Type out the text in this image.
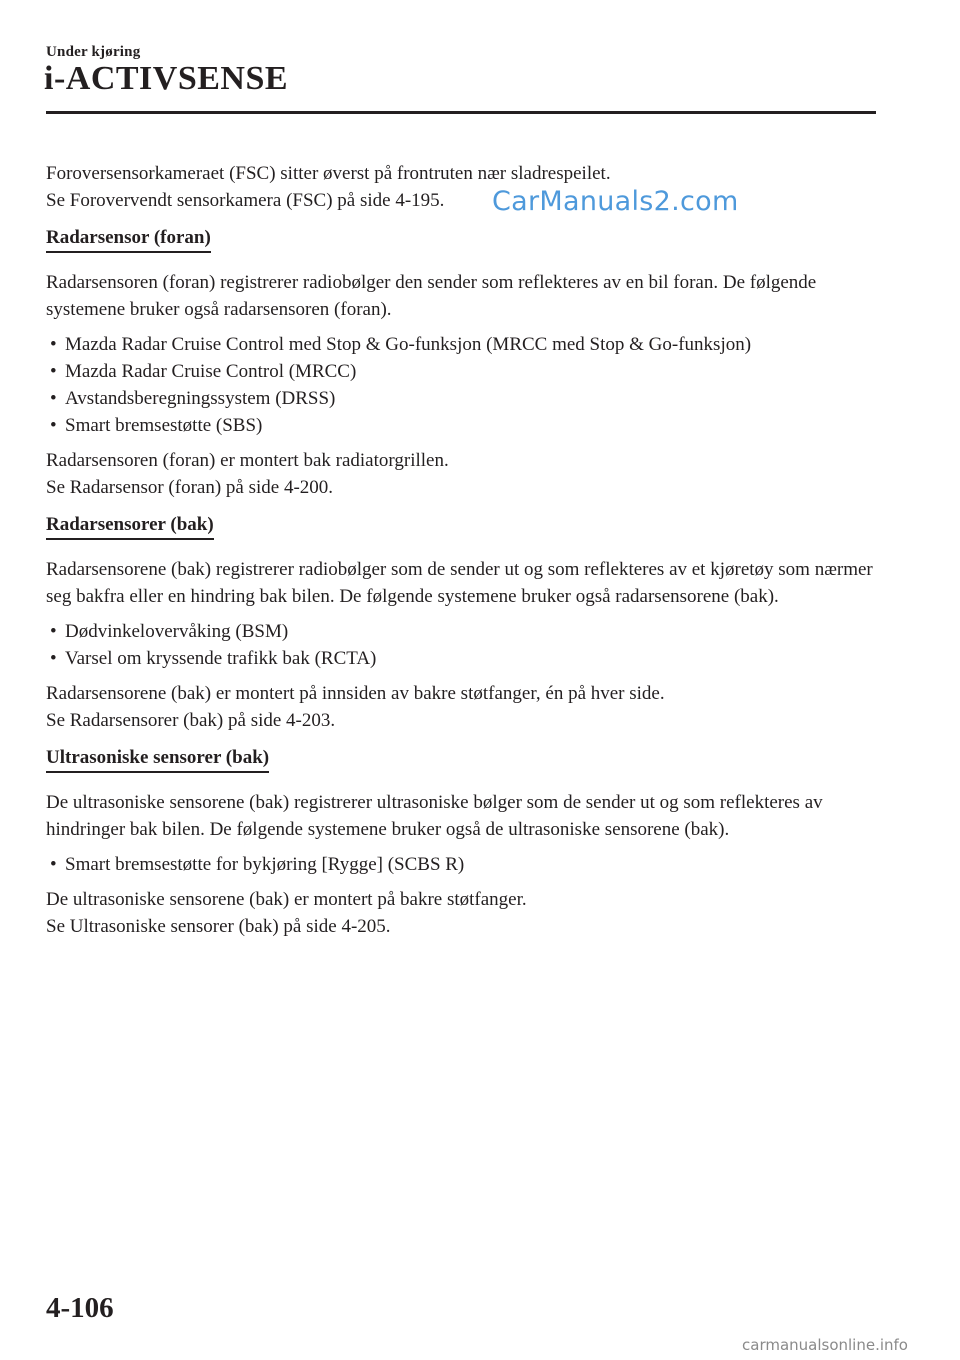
Under kjøring
i-ACTIVSENSE

Foroversensorkameraet (FSC) sitter øverst på frontruten nær sladrespeilet.
Se Forovervendt sensorkamera (FSC) på side 4-195.

Radarsensor (foran)

Radarsensoren (foran) registrerer radiobølger den sender som reflekteres av en bil foran. De følgende systemene bruker også radarsensoren (foran).

• Mazda Radar Cruise Control med Stop & Go-funksjon (MRCC med Stop & Go-funksjon)
• Mazda Radar Cruise Control (MRCC)
• Avstandsberegningssystem (DRSS)
• Smart bremsestøtte (SBS)

Radarsensoren (foran) er montert bak radiatorgrillen.
Se Radarsensor (foran) på side 4-200.

Radarsensorer (bak)

Radarsensorene (bak) registrerer radiobølger som de sender ut og som reflekteres av et kjøretøy som nærmer seg bakfra eller en hindring bak bilen. De følgende systemene bruker også radarsensorene (bak).

• Dødvinkelovervåking (BSM)
• Varsel om kryssende trafikk bak (RCTA)

Radarsensorene (bak) er montert på innsiden av bakre støtfanger, én på hver side.
Se Radarsensorer (bak) på side 4-203.

Ultrasoniske sensorer (bak)

De ultrasoniske sensorene (bak) registrerer ultrasoniske bølger som de sender ut og som reflekteres av hindringer bak bilen. De følgende systemene bruker også de ultrasoniske sensorene (bak).

• Smart bremsestøtte for bykjøring [Rygge] (SCBS R)

De ultrasoniske sensorene (bak) er montert på bakre støtfanger.
Se Ultrasoniske sensorer (bak) på side 4-205.

CarManuals2.com
4-106
carmanualsonline.info
